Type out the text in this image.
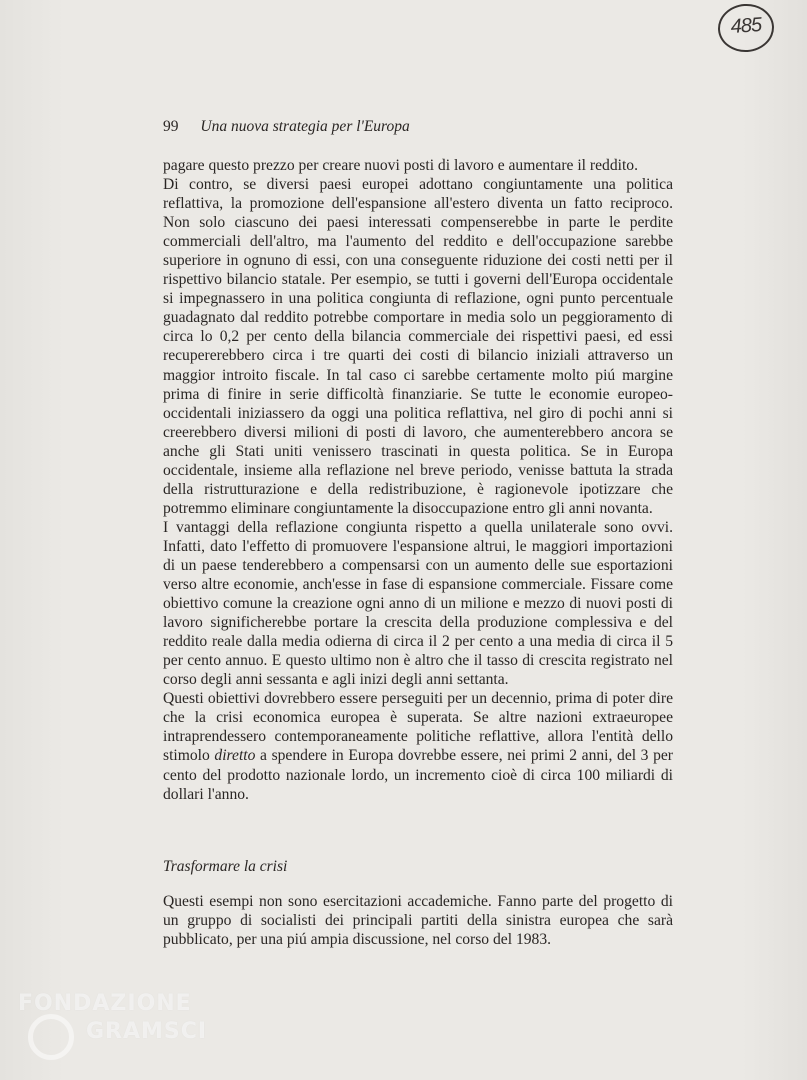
485
99 Una nuova strategia per l'Europa

pagare questo prezzo per creare nuovi posti di lavoro e aumentare il reddito.

Di contro, se diversi paesi europei adottano congiuntamente una politica reflattiva, la promozione dell'espansione all'estero diventa un fatto reciproco. Non solo ciascuno dei paesi interessati compenserebbe in parte le perdite commerciali dell'altro, ma l'aumento del reddito e dell'occupazione sarebbe superiore in ognuno di essi, con una conseguente riduzione dei costi netti per il rispettivo bilancio statale. Per esempio, se tutti i governi dell'Europa occidentale si impegnassero in una politica congiunta di reflazione, ogni punto percentuale guadagnato dal reddito potrebbe comportare in media solo un peggioramento di circa lo 0,2 per cento della bilancia commerciale dei rispettivi paesi, ed essi recupererebbero circa i tre quarti dei costi di bilancio iniziali attraverso un maggior introito fiscale. In tal caso ci sarebbe certamente molto piú margine prima di finire in serie difficoltà finanziarie. Se tutte le economie europeo-occidentali iniziassero da oggi una politica reflattiva, nel giro di pochi anni si creerebbero diversi milioni di posti di lavoro, che aumenterebbero ancora se anche gli Stati uniti venissero trascinati in questa politica. Se in Europa occidentale, insieme alla reflazione nel breve periodo, venisse battuta la strada della ristrutturazione e della redistribuzione, è ragionevole ipotizzare che potremmo eliminare congiuntamente la disoccupazione entro gli anni novanta.

I vantaggi della reflazione congiunta rispetto a quella unilaterale sono ovvi. Infatti, dato l'effetto di promuovere l'espansione altrui, le maggiori importazioni di un paese tenderebbero a compensarsi con un aumento delle sue esportazioni verso altre economie, anch'esse in fase di espansione commerciale. Fissare come obiettivo comune la creazione ogni anno di un milione e mezzo di nuovi posti di lavoro significherebbe portare la crescita della produzione complessiva e del reddito reale dalla media odierna di circa il 2 per cento a una media di circa il 5 per cento annuo. E questo ultimo non è altro che il tasso di crescita registrato nel corso degli anni sessanta e agli inizi degli anni settanta.

Questi obiettivi dovrebbero essere perseguiti per un decennio, prima di poter dire che la crisi economica europea è superata. Se altre nazioni extraeuropee intraprendessero contemporaneamente politiche reflattive, allora l'entità dello stimolo diretto a spendere in Europa dovrebbe essere, nei primi 2 anni, del 3 per cento del prodotto nazionale lordo, un incremento cioè di circa 100 miliardi di dollari l'anno.

Trasformare la crisi

Questi esempi non sono esercitazioni accademiche. Fanno parte del progetto di un gruppo di socialisti dei principali partiti della sinistra europea che sarà pubblicato, per una piú ampia discussione, nel corso del 1983.

FONDAZIONE
GRAMSCI
